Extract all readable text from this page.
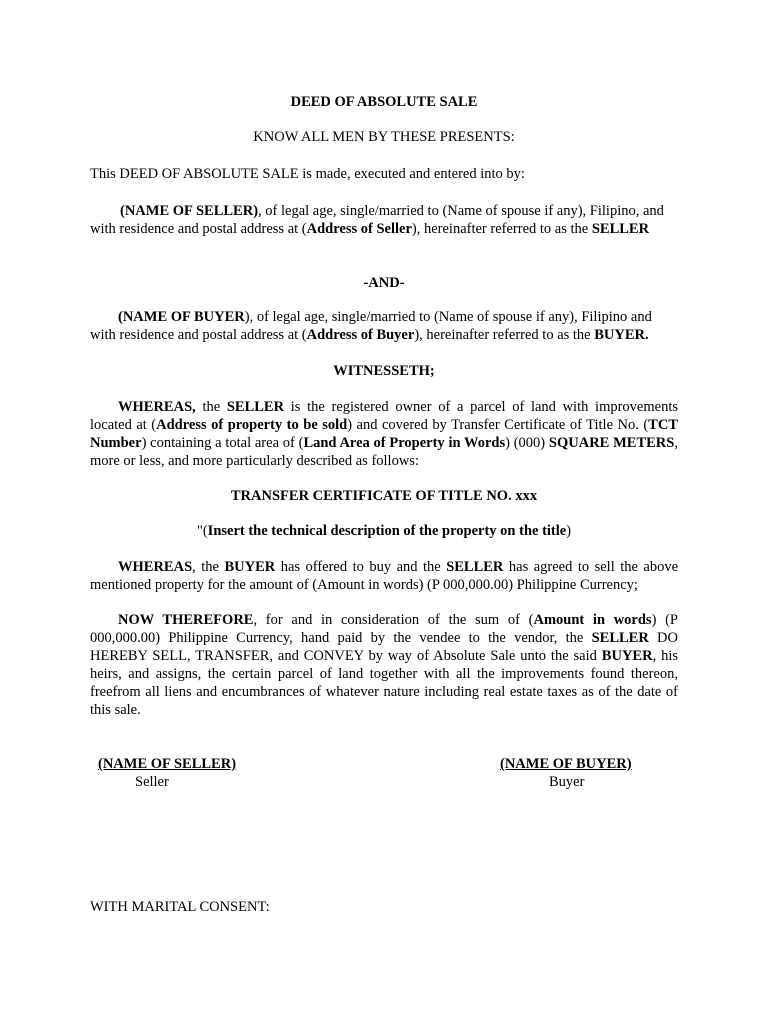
DEED OF ABSOLUTE SALE

KNOW ALL MEN BY THESE PRESENTS:

This DEED OF ABSOLUTE SALE is made, executed and entered into by:

(NAME OF SELLER), of legal age, single/married to (Name of spouse if any), Filipino, and with residence and postal address at (Address of Seller), hereinafter referred to as the SELLER

-AND-

(NAME OF BUYER), of legal age, single/married to (Name of spouse if any), Filipino and with residence and postal address at (Address of Buyer), hereinafter referred to as the BUYER.

WITNESSETH;

WHEREAS, the SELLER is the registered owner of a parcel of land with improvements located at (Address of property to be sold) and covered by Transfer Certificate of Title No. (TCT Number) containing a total area of (Land Area of Property in Words) (000) SQUARE METERS, more or less, and more particularly described as follows:

TRANSFER CERTIFICATE OF TITLE NO. xxx

"(Insert the technical description of the property on the title)

WHEREAS, the BUYER has offered to buy and the SELLER has agreed to sell the above mentioned property for the amount of (Amount in words) (P 000,000.00) Philippine Currency;

NOW THEREFORE, for and in consideration of the sum of (Amount in words) (P 000,000.00) Philippine Currency, hand paid by the vendee to the vendor, the SELLER DO HEREBY SELL, TRANSFER, and CONVEY by way of Absolute Sale unto the said BUYER, his heirs, and assigns, the certain parcel of land together with all the improvements found thereon, freefrom all liens and encumbrances of whatever nature including real estate taxes as of the date of this sale.

(NAME OF SELLER)
Seller
(NAME OF BUYER)
Buyer

WITH MARITAL CONSENT:
